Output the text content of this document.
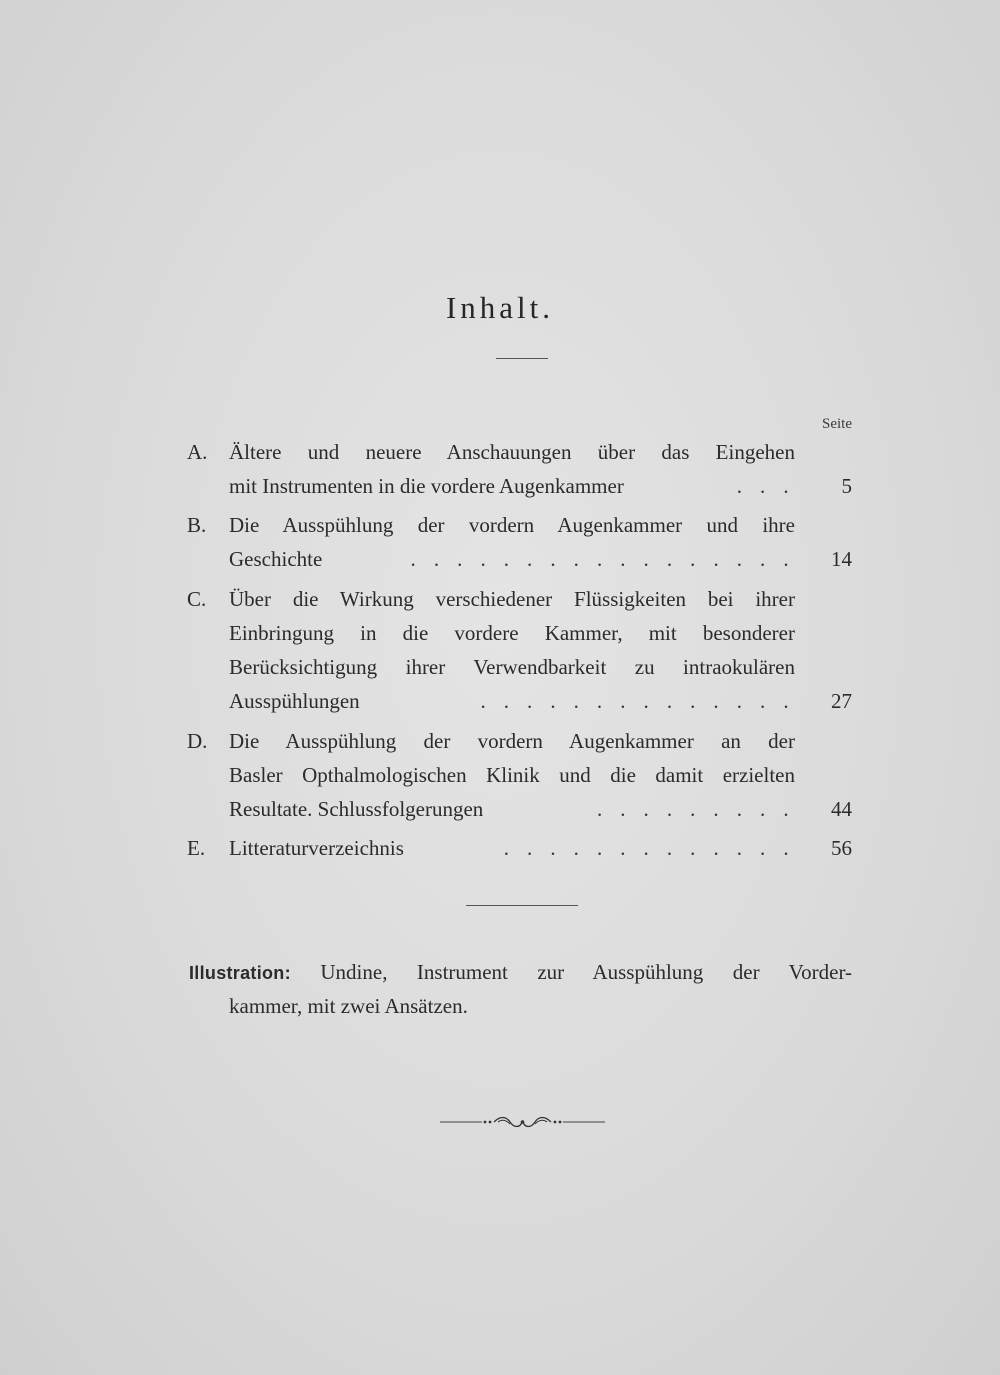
Inhalt.
Seite
A. Ältere und neuere Anschauungen über das Eingehen
mit Instrumenten in die vordere Augenkammer	. . .	5
B. Die Ausspühlung der vordern Augenkammer und ihre
Geschichte	. . . . . . . . . . . . . . . . .	14
C. Über die Wirkung verschiedener Flüssigkeiten bei ihrer
Einbringung in die vordere Kammer, mit besonderer
Berücksichtigung ihrer Verwendbarkeit zu intraokulären
Ausspühlungen	. . . . . . . . . . . . . .	27
D. Die Ausspühlung der vordern Augenkammer an der
Basler Opthalmologischen Klinik und die damit erzielten
Resultate. Schlussfolgerungen	. . . . . . . . .	44
E. Litteraturverzeichnis	. . . . . . . . . . . . .	56
Illustration: Undine, Instrument zur Ausspühlung der Vorder-
kammer, mit zwei Ansätzen.
